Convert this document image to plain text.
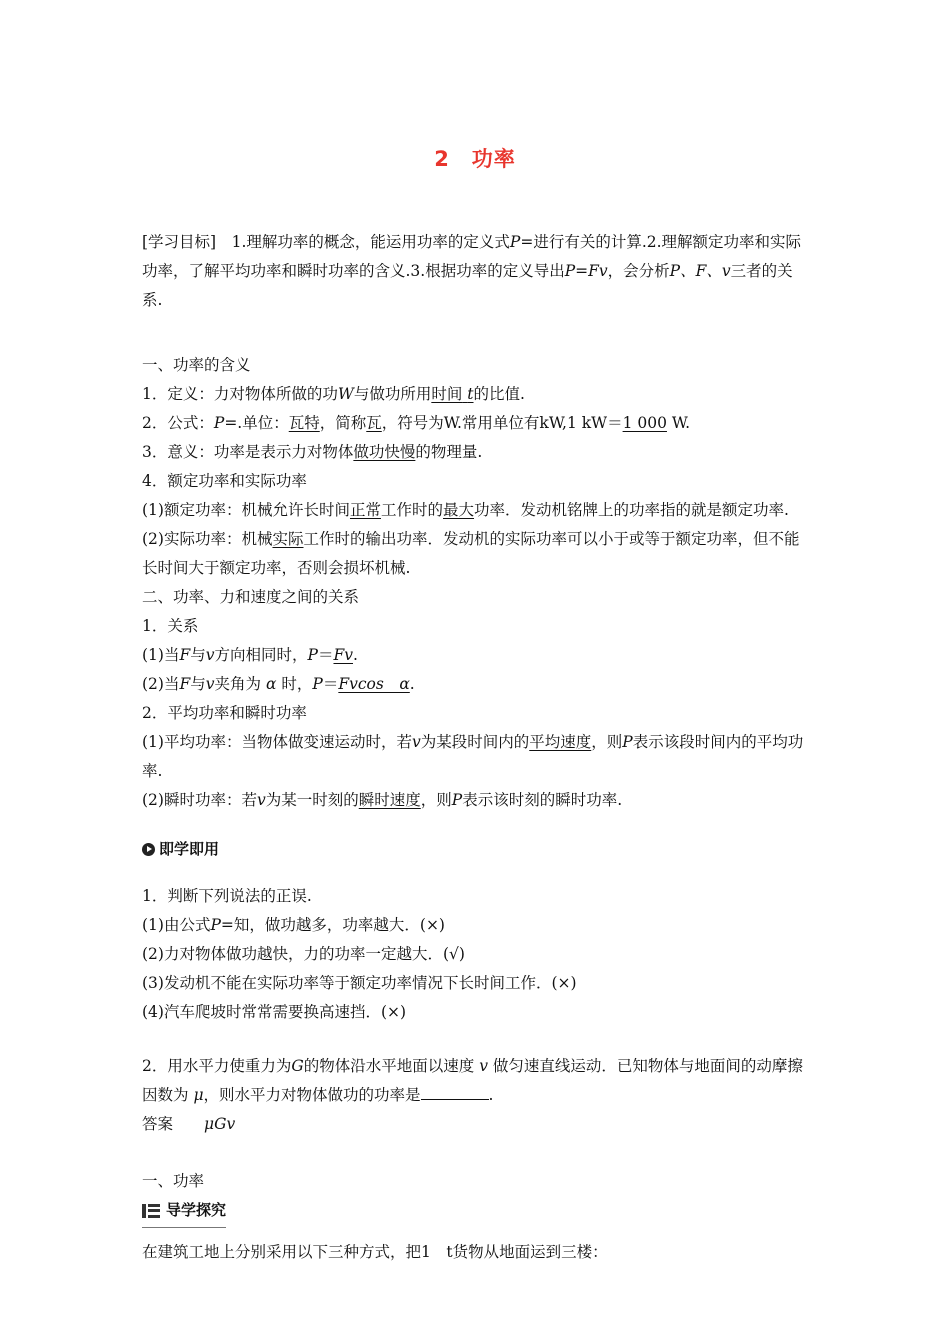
2　功率

[学习目标]　1.理解功率的概念，能运用功率的定义式P=进行有关的计算.2.理解额定功率和实际功率，了解平均功率和瞬时功率的含义.3.根据功率的定义导出P=Fv，会分析P、F、v三者的关系.

一、功率的含义

1．定义：力对物体所做的功W与做功所用时间 t的比值.

2．公式：P=.单位：瓦特，简称瓦，符号为W.常用单位有kW,1 kW＝1 000 W.

3．意义：功率是表示力对物体做功快慢的物理量.

4．额定功率和实际功率

(1)额定功率：机械允许长时间正常工作时的最大功率．发动机铭牌上的功率指的就是额定功率.

(2)实际功率：机械实际工作时的输出功率．发动机的实际功率可以小于或等于额定功率，但不能长时间大于额定功率，否则会损坏机械.

二、功率、力和速度之间的关系

1．关系

(1)当F与v方向相同时，P＝Fv.

(2)当F与v夹角为 α 时，P＝Fvcos　α.

2．平均功率和瞬时功率

(1)平均功率：当物体做变速运动时，若v为某段时间内的平均速度，则P表示该段时间内的平均功率.

(2)瞬时功率：若v为某一时刻的瞬时速度，则P表示该时刻的瞬时功率.

即学即用

1．判断下列说法的正误.

(1)由公式P=知，做功越多，功率越大．(×)

(2)力对物体做功越快，力的功率一定越大．(√)

(3)发动机不能在实际功率等于额定功率情况下长时间工作．(×)

(4)汽车爬坡时常常需要换高速挡．(×)

2．用水平力使重力为G的物体沿水平地面以速度 v 做匀速直线运动．已知物体与地面间的动摩擦因数为 μ，则水平力对物体做功的功率是	.

答案　　 μGv

一、功率

导学探究

在建筑工地上分别采用以下三种方式，把1　t货物从地面运到三楼：
